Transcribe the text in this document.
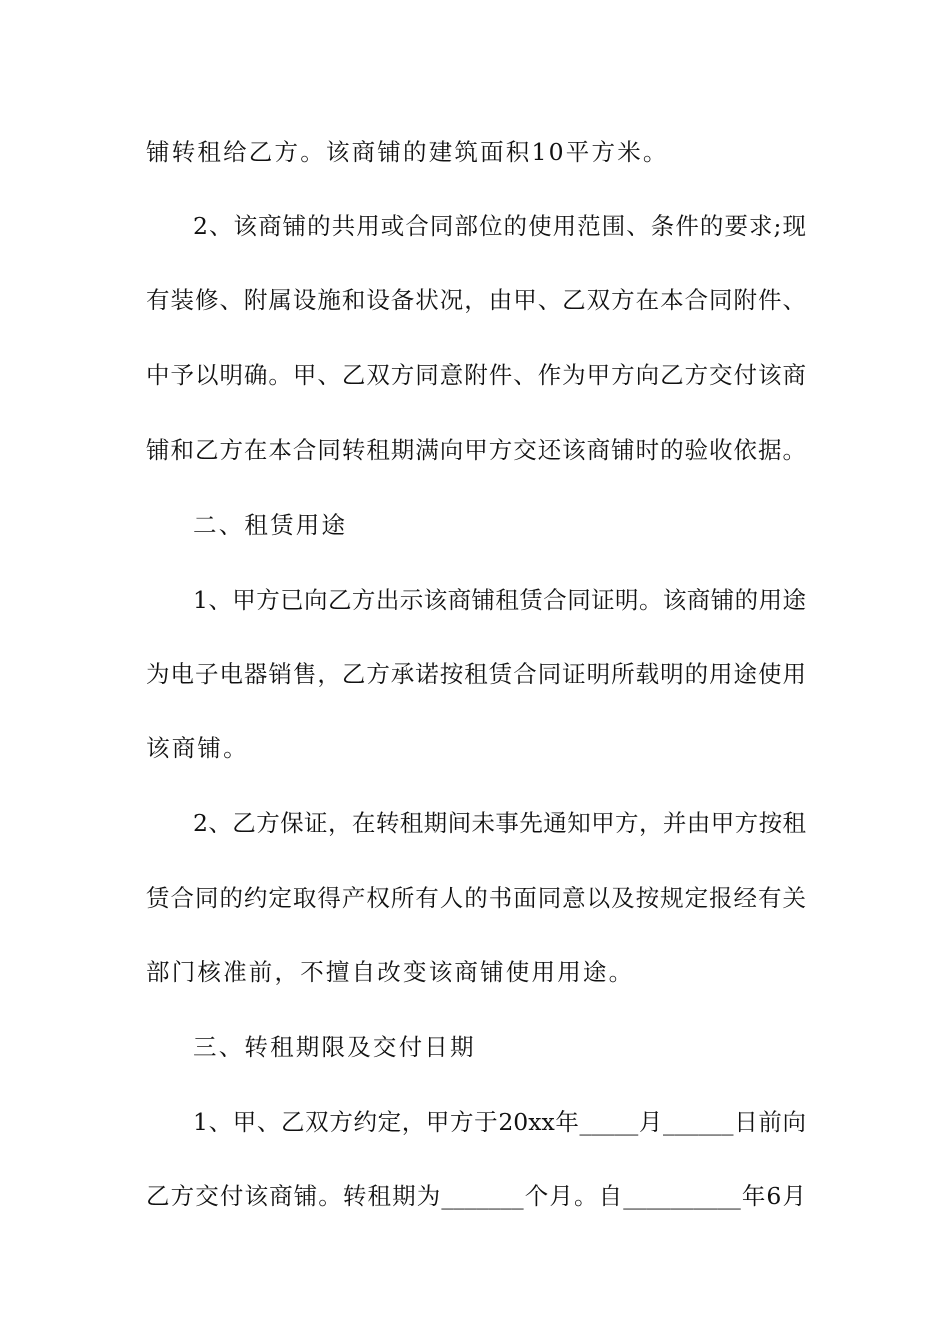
铺转租给乙方。该商铺的建筑面积10平方米。
2、该商铺的共用或合同部位的使用范围、条件的要求;现
有装修、附属设施和设备状况，由甲、乙双方在本合同附件、
中予以明确。甲、乙双方同意附件、作为甲方向乙方交付该商
铺和乙方在本合同转租期满向甲方交还该商铺时的验收依据。
二、租赁用途
1、甲方已向乙方出示该商铺租赁合同证明。该商铺的用途
为电子电器销售，乙方承诺按租赁合同证明所载明的用途使用
该商铺。
2、乙方保证，在转租期间未事先通知甲方，并由甲方按租
赁合同的约定取得产权所有人的书面同意以及按规定报经有关
部门核准前，不擅自改变该商铺使用用途。
三、转租期限及交付日期
1、甲、乙双方约定，甲方于20xx年_____月______日前向
乙方交付该商铺。转租期为_______个月。自__________年6月
